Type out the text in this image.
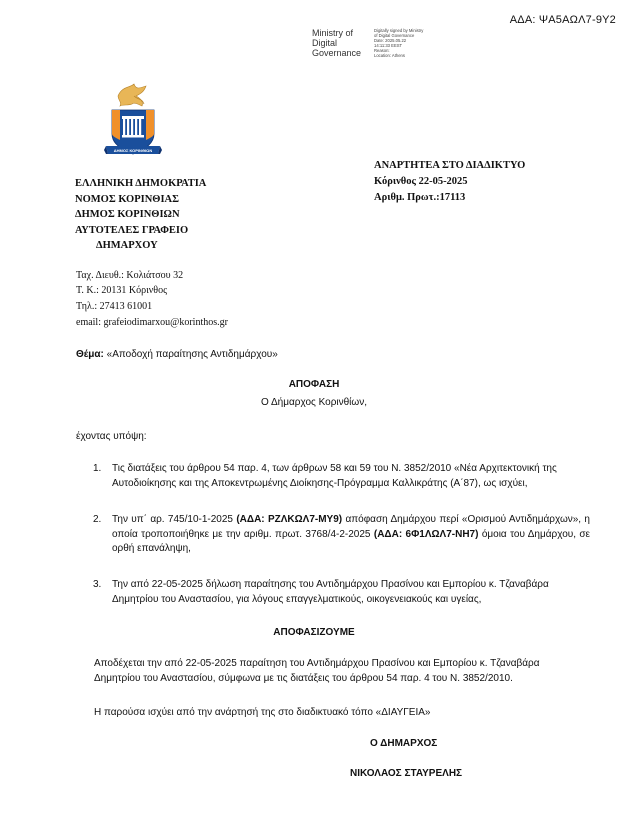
ΑΔΑ: ΨΑ5ΑΩΛ7-9Υ2
Ministry of
Digital
Governance
Digitally signed by Ministry
of Digital Governance
Date: 2025.05.22
14:11:33 EEST
Reason:
Location: Athens
ΔΗΜΟΣ ΚΟΡΙΝΘΙΩΝ
ΕΛΛΗΝΙΚΗ ΔΗΜΟΚΡΑΤΙΑ
ΝΟΜΟΣ ΚΟΡΙΝΘΙΑΣ
ΔΗΜΟΣ ΚΟΡΙΝΘΙΩΝ
ΑΥΤΟΤΕΛΕΣ ΓΡΑΦΕΙΟ
ΔΗΜΑΡΧΟΥ
ΑΝΑΡΤΗΤΕΑ ΣΤΟ ΔΙΑΔΙΚΤΥΟ
Κόρινθος 22-05-2025
Αριθμ. Πρωτ.:17113
Ταχ. Διευθ.: Κολιάτσου 32
Τ. Κ.: 20131 Κόρινθος
Τηλ.: 27413 61001
email: grafeiodimarxou@korinthos.gr
Θέμα: «Αποδοχή παραίτησης Αντιδημάρχου»
ΑΠΟΦΑΣΗ
Ο Δήμαρχος Κορινθίων,
έχοντας υπόψη:
1.	Τις διατάξεις του άρθρου 54 παρ. 4, των άρθρων 58 και 59 του Ν. 3852/2010 «Νέα Αρχιτεκτονική της
Αυτοδιοίκησης και της Αποκεντρωμένης Διοίκησης-Πρόγραμμα Καλλικράτης (Α΄87), ως ισχύει,
2.	Την υπ΄ αρ. 745/10-1-2025 (ΑΔΑ: ΡΖΛΚΩΛ7-ΜΥ9) απόφαση Δημάρχου περί «Ορισμού Αντιδημάρχων», η οποία τροποποιήθηκε με την αριθμ. πρωτ. 3768/4-2-2025 (ΑΔΑ: 6Φ1ΛΩΛ7-ΝΗ7) όμοια του Δημάρχου, σε ορθή επανάληψη,
3.	Την από 22-05-2025 δήλωση παραίτησης του Αντιδημάρχου Πρασίνου και Εμπορίου κ. Τζαναβάρα
Δημητρίου του Αναστασίου, για λόγους επαγγελματικούς, οικογενειακούς και υγείας,
ΑΠΟΦΑΣΙΖΟΥΜΕ
Αποδέχεται την από 22-05-2025 παραίτηση του Αντιδημάρχου Πρασίνου και Εμπορίου κ. Τζαναβάρα
Δημητρίου του Αναστασίου, σύμφωνα με τις διατάξεις του άρθρου 54 παρ. 4 του Ν. 3852/2010.
Η παρούσα ισχύει από την ανάρτησή της στο διαδικτυακό τόπο «ΔΙΑΥΓΕΙΑ»
Ο ΔΗΜΑΡΧΟΣ
ΝΙΚΟΛΑΟΣ ΣΤΑΥΡΕΛΗΣ
